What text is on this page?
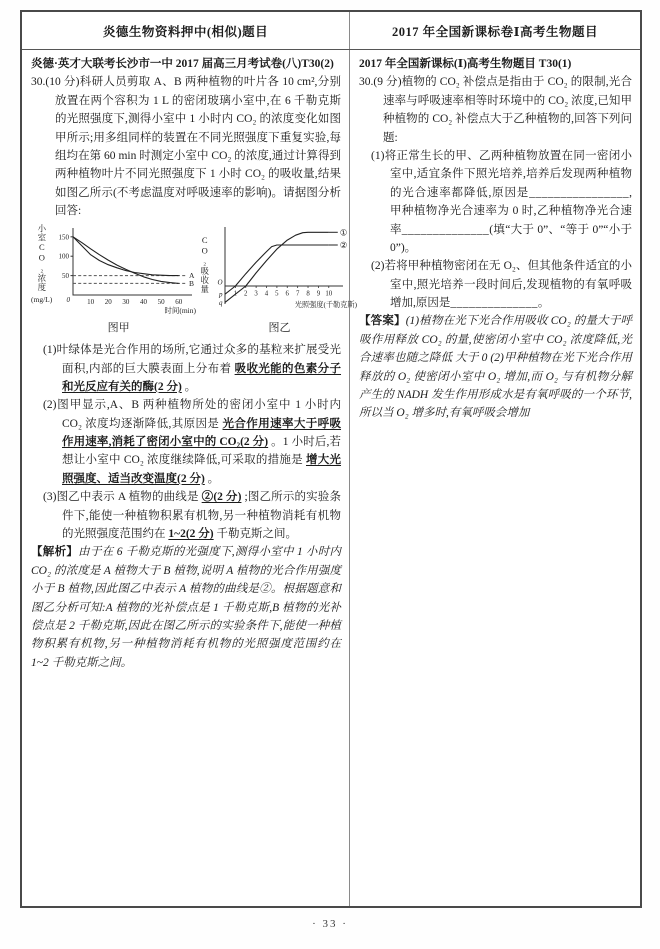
炎德生物资料押中(相似)题目	2017 年全国新课标卷Ⅰ高考生物题目

炎德·英才大联考长沙市一中 2017 届高三月考试卷(八)T30(2)

30.(10 分)科研人员剪取 A、B 两种植物的叶片各 10 cm²,分别放置在两个容积为 1 L 的密闭玻璃小室中,在 6 千勒克斯的光照强度下,测得小室中 1 小时内 CO₂ 的浓度变化如图甲所示;用多组同样的装置在不同光照强度下重复实验,每组均在第 60 min 时测定小室中 CO₂ 的浓度,通过计算得到两种植物叶片不同光照强度下 1 小时 CO₂ 的吸收量,结果如图乙所示(不考虑温度对呼吸速率的影响)。请据图分析回答:

小室CO₂浓度
(mg/L)
50
100
150
0 10 20 30 40 50 60
A
B
时间(min)
图甲
CO₂吸收量	1 2 3 4 5 6 7 8 9 10
O
p
q
①
②
光照强度(千勒克斯)
图乙

(1)叶绿体是光合作用的场所,它通过众多的基粒来扩展受光面积,内部的巨大膜表面上分布着 吸收光能的色素分子和光反应有关的酶(2 分) 。

(2)图甲显示,A、B 两种植物所处的密闭小室中 1 小时内 CO₂ 浓度均逐渐降低,其原因是 光合作用速率大于呼吸作用速率,消耗了密闭小室中的 CO₂(2 分) 。1 小时后,若想让小室中 CO₂ 浓度继续降低,可采取的措施是 增大光照强度、适当改变温度(2 分) 。

(3)图乙中表示 A 植物的曲线是 ②(2 分) ;图乙所示的实验条件下,能使一种植物积累有机物,另一种植物消耗有机物的光照强度范围约在 1~2(2 分) 千勒克斯之间。

【解析】由于在 6 千勒克斯的光强度下,测得小室中 1 小时内 CO₂ 的浓度是 A 植物大于 B 植物,说明 A 植物的光合作用强度小于 B 植物,因此图乙中表示 A 植物的曲线是②。根据题意和图乙分析可知:A 植物的光补偿点是 1 千勒克斯,B 植物的光补偿点是 2 千勒克斯,因此在图乙所示的实验条件下,能使一种植物积累有机物,另一种植物消耗有机物的光照强度范围约在 1~2 千勒克斯之间。

2017 年全国新课标(Ⅰ)高考生物题目 T30(1)

30.(9 分)植物的 CO₂ 补偿点是指由于 CO₂ 的限制,光合速率与呼吸速率相等时环境中的 CO₂ 浓度,已知甲种植物的 CO₂ 补偿点大于乙种植物的,回答下列问题:

(1)将正常生长的甲、乙两种植物放置在同一密闭小室中,适宜条件下照光培养,培养后发现两种植物的光合速率都降低,原因是________________,甲种植物净光合速率为 0 时,乙种植物净光合速率______________(填“大于 0”、“等于 0”“小于 0”)。

(2)若将甲种植物密闭在无 O₂、但其他条件适宜的小室中,照光培养一段时间后,发现植物的有氧呼吸增加,原因是______________。

【答案】(1)植物在光下光合作用吸收 CO₂ 的量大于呼吸作用释放 CO₂ 的量,使密闭小室中 CO₂ 浓度降低,光合速率也随之降低 大于 0 (2)甲种植物在光下光合作用释放的 O₂ 使密闭小室中 O₂ 增加,而 O₂ 与有机物分解产生的 NADH 发生作用形成水是有氧呼吸的一个环节,所以当 O₂ 增多时,有氧呼吸会增加

· 33 ·
